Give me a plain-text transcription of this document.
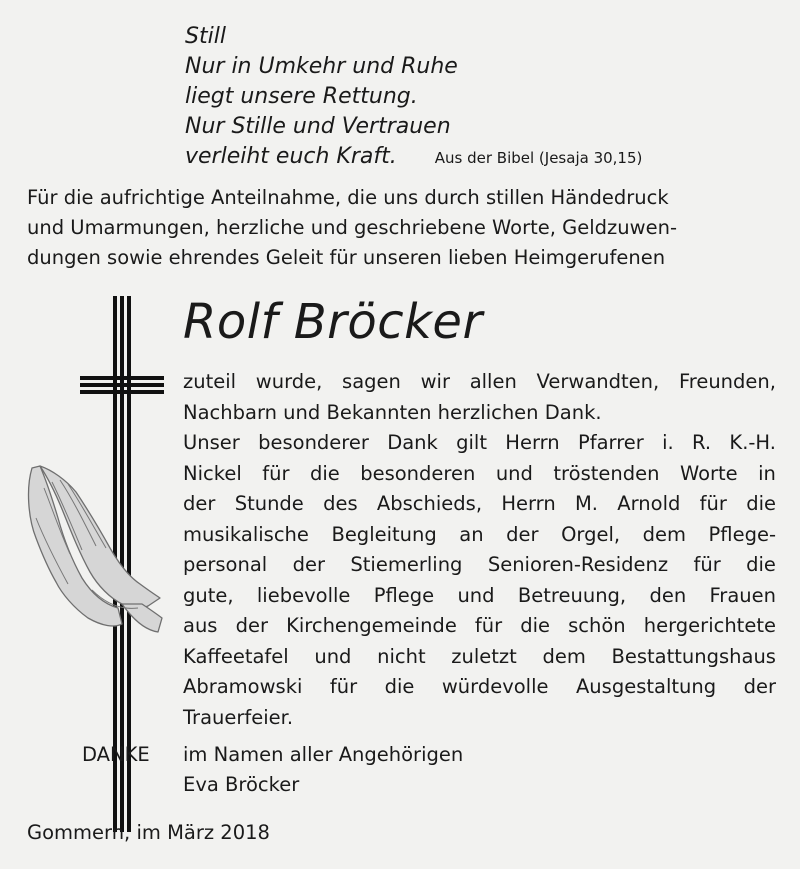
Still
Nur in Umkehr und Ruhe
liegt unsere Rettung.
Nur Stille und Vertrauen
verleiht euch Kraft.	Aus der Bibel (Jesaja 30,15)
Für die aufrichtige Anteilnahme, die uns durch stillen Händedruck
und Umarmungen, herzliche und geschriebene Worte, Geldzuwen-
dungen sowie ehrendes Geleit für unseren lieben Heimgerufenen
Rolf Bröcker
zuteil wurde, sagen wir allen Verwandten, Freunden,
Nachbarn und Bekannten herzlichen Dank.
Unser besonderer Dank gilt Herrn Pfarrer i. R. K.-H.
Nickel für die besonderen und tröstenden Worte in
der Stunde des Abschieds, Herrn M. Arnold für die
musikalische Begleitung an der Orgel, dem Pflege-
personal der Stiemerling Senioren-Residenz für die
gute, liebevolle Pflege und Betreuung, den Frauen
aus der Kirchengemeinde für die schön hergerichtete
Kaffeetafel und nicht zuletzt dem Bestattungshaus
Abramowski für die würdevolle Ausgestaltung der
Trauerfeier.
DANKE	im Namen aller Angehörigen
Eva Bröcker
Gommern, im März 2018
